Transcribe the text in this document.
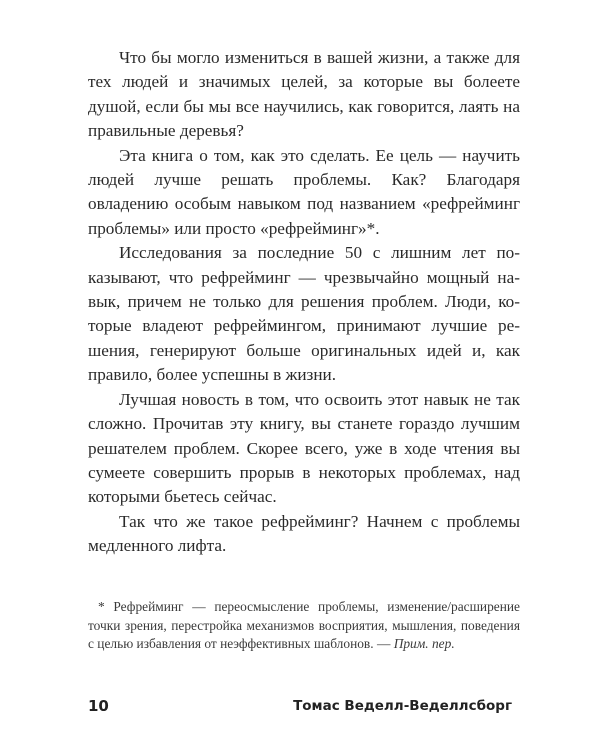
Что бы могло измениться в вашей жизни, а также для тех людей и значимых целей, за которые вы болеете душой, если бы мы все научились, как говорится, лаять на правильные деревья?

Эта книга о том, как это сделать. Ее цель — научить людей лучше решать проблемы. Как? Благодаря овладению особым навыком под названием «рефрейминг проблемы» или просто «рефрейминг»*.

Исследования за последние 50 с лишним лет показывают, что рефрейминг — чрезвычайно мощный навык, причем не только для решения проблем. Люди, которые владеют рефреймингом, принимают лучшие решения, генерируют больше оригинальных идей и, как правило, более успешны в жизни.

Лучшая новость в том, что освоить этот навык не так сложно. Прочитав эту книгу, вы станете гораздо лучшим решателем проблем. Скорее всего, уже в ходе чтения вы сумеете совершить прорыв в некоторых проблемах, над которыми бьетесь сейчас.

Так что же такое рефрейминг? Начнем с проблемы медленного лифта.

* Рефрейминг — переосмысление проблемы, изменение/расширение точки зрения, перестройка механизмов восприятия, мышления, поведения с целью избавления от неэффективных шаблонов. — Прим. пер.

10	Томас Веделл-Веделлсборг
